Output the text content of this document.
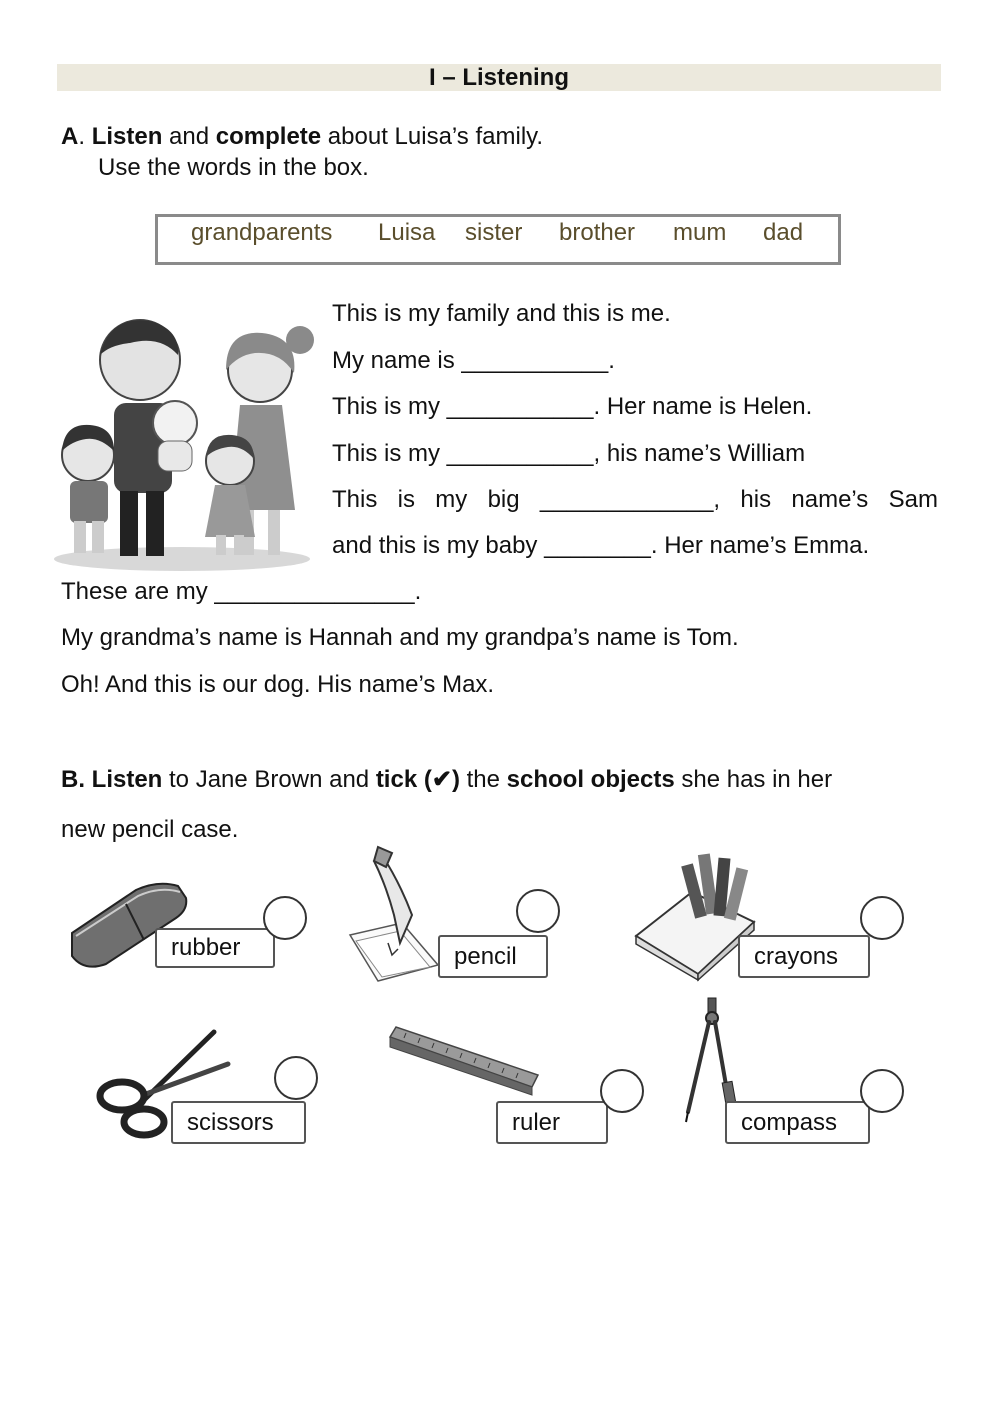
I – Listening
A. Listen and complete about Luisa’s family.
Use the words in the box.
grandparents Luisa sister brother mum dad
This is my family and this is me.
My name is ___________.
This is my ___________. Her name is Helen.
This is my ___________, his name’s William
This is my big _____________, his name’s Sam
and this is my baby ________. Her name’s Emma.
These are my _______________.
My grandma’s name is Hannah and my grandpa’s name is Tom.
Oh! And this is our dog. His name’s Max.
B. Listen to Jane Brown and tick (✔) the school objects she has in her
new pencil case.
rubber	pencil	crayons
scissors	ruler	compass
